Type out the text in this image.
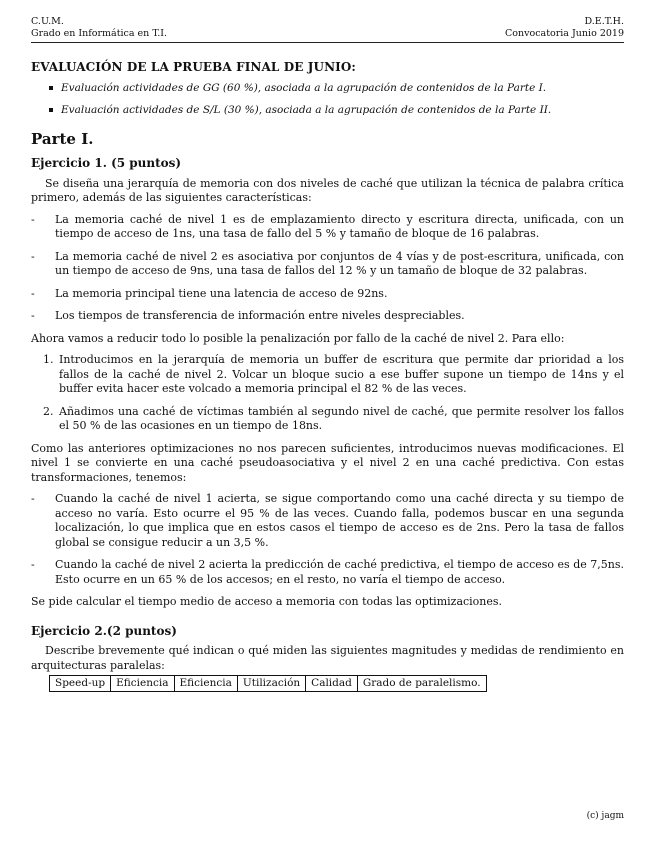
C.U.M.	D.E.T.H.
Grado en Informática en T.I.	Convocatoria Junio 2019
EVALUACIÓN DE LA PRUEBA FINAL DE JUNIO:
Evaluación actividades de GG (60 %), asociada a la agrupación de contenidos de la Parte I.
Evaluación actividades de S/L (30 %), asociada a la agrupación de contenidos de la Parte II.
Parte I.
Ejercicio 1. (5 puntos)

Se diseña una jerarquía de memoria con dos niveles de caché que utilizan la técnica de palabra crítica primero, además de las siguientes características:

- La memoria caché de nivel 1 es de emplazamiento directo y escritura directa, unificada, con un tiempo de acceso de 1ns, una tasa de fallo del 5 % y tamaño de bloque de 16 palabras.
- La memoria caché de nivel 2 es asociativa por conjuntos de 4 vías y de post-escritura, unificada, con un tiempo de acceso de 9ns, una tasa de fallos del 12 % y un tamaño de bloque de 32 palabras.
- La memoria principal tiene una latencia de acceso de 92ns.
- Los tiempos de transferencia de información entre niveles despreciables.

Ahora vamos a reducir todo lo posible la penalización por fallo de la caché de nivel 2. Para ello:

1. Introducimos en la jerarquía de memoria un buffer de escritura que permite dar prioridad a los fallos de la caché de nivel 2. Volcar un bloque sucio a ese buffer supone un tiempo de 14ns y el buffer evita hacer este volcado a memoria principal el 82 % de las veces.
2. Añadimos una caché de víctimas también al segundo nivel de caché, que permite resolver los fallos el 50 % de las ocasiones en un tiempo de 18ns.

Como las anteriores optimizaciones no nos parecen suficientes, introducimos nuevas modificaciones. El nivel 1 se convierte en una caché pseudoasociativa y el nivel 2 en una caché predictiva. Con estas transformaciones, tenemos:

- Cuando la caché de nivel 1 acierta, se sigue comportando como una caché directa y su tiempo de acceso no varía. Esto ocurre el 95 % de las veces. Cuando falla, podemos buscar en una segunda localización, lo que implica que en estos casos el tiempo de acceso es de 2ns. Pero la tasa de fallos global se consigue reducir a un 3,5 %.
- Cuando la caché de nivel 2 acierta la predicción de caché predictiva, el tiempo de acceso es de 7,5ns. Esto ocurre en un 65 % de los accesos; en el resto, no varía el tiempo de acceso.

Se pide calcular el tiempo medio de acceso a memoria con todas las optimizaciones.

Ejercicio 2.(2 puntos)

Describe brevemente qué indican o qué miden las siguientes magnitudes y medidas de rendimiento en arquitecturas paralelas:

Speed-up	Eficiencia	Eficiencia	Utilización	Calidad	Grado de paralelismo.
(c) jagm
